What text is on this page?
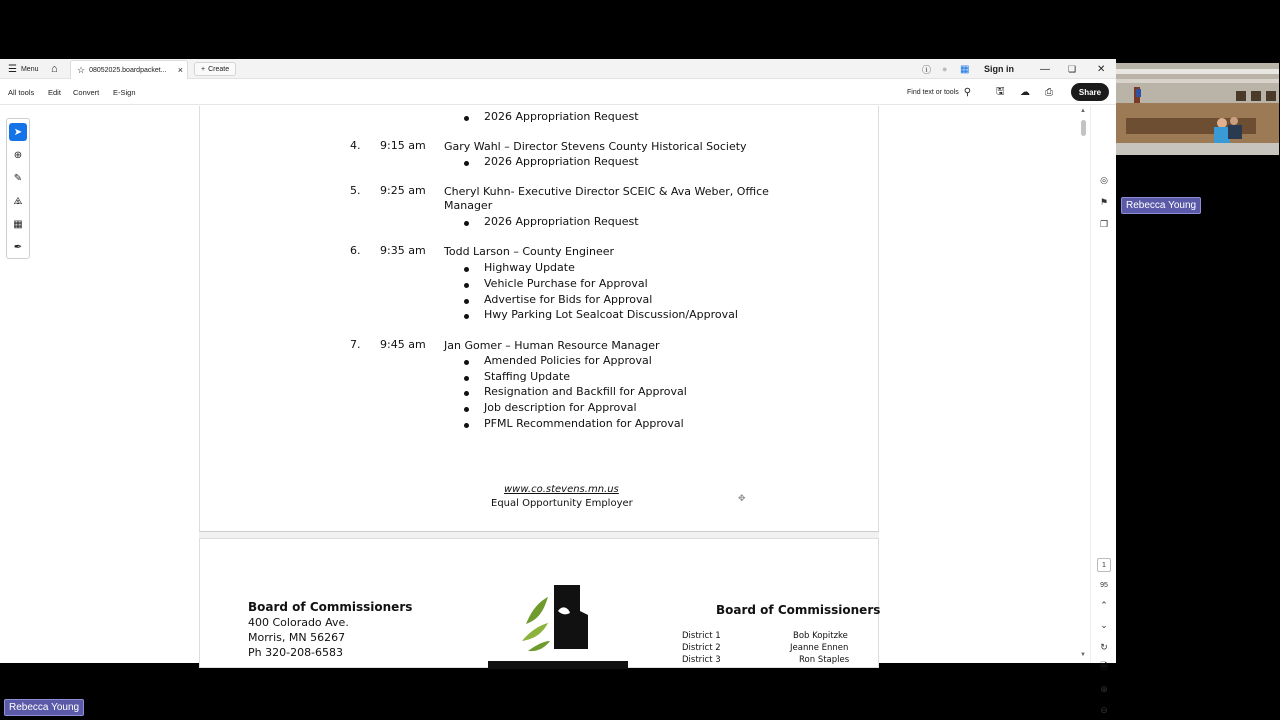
☰ Menu ⌂ ☆ 08052025.boardpacket...	×	+ Create	ⓘ ● ▦ Sign in	— ❏ ✕
All tools Edit Convert E-Sign	Find text or tools ⚲ 🖫 ☁ ⎙	Share
2026 Appropriation Request
4. 9:15 am Gary Wahl – Director Stevens County Historical Society
2026 Appropriation Request
5. 9:25 am Cheryl Kuhn- Executive Director SCEIC & Ava Weber, Office
Manager
2026 Appropriation Request
6. 9:35 am Todd Larson – County Engineer
Highway Update
Vehicle Purchase for Approval
Advertise for Bids for Approval
Hwy Parking Lot Sealcoat Discussion/Approval
7. 9:45 am Jan Gomer – Human Resource Manager
Amended Policies for Approval
Staffing Update
Resignation and Backfill for Approval
Job description for Approval
PFML Recommendation for Approval
www.co.stevens.mn.us
Equal Opportunity Employer	✥
Board of Commissioners
400 Colorado Ave.
Morris, MN 56267
Ph 320-208-6583
Board of Commissioners
District 1	Bob Kopitzke
District 2	Jeanne Ennen
District 3	Ron Staples
➤
⊕
✎
⧌
▦
✒
▲
▼
◎
⚑
❐
1
95
⌃
⌄
↻
🗎
⊕
⊖
Rebecca Young
Rebecca Young
